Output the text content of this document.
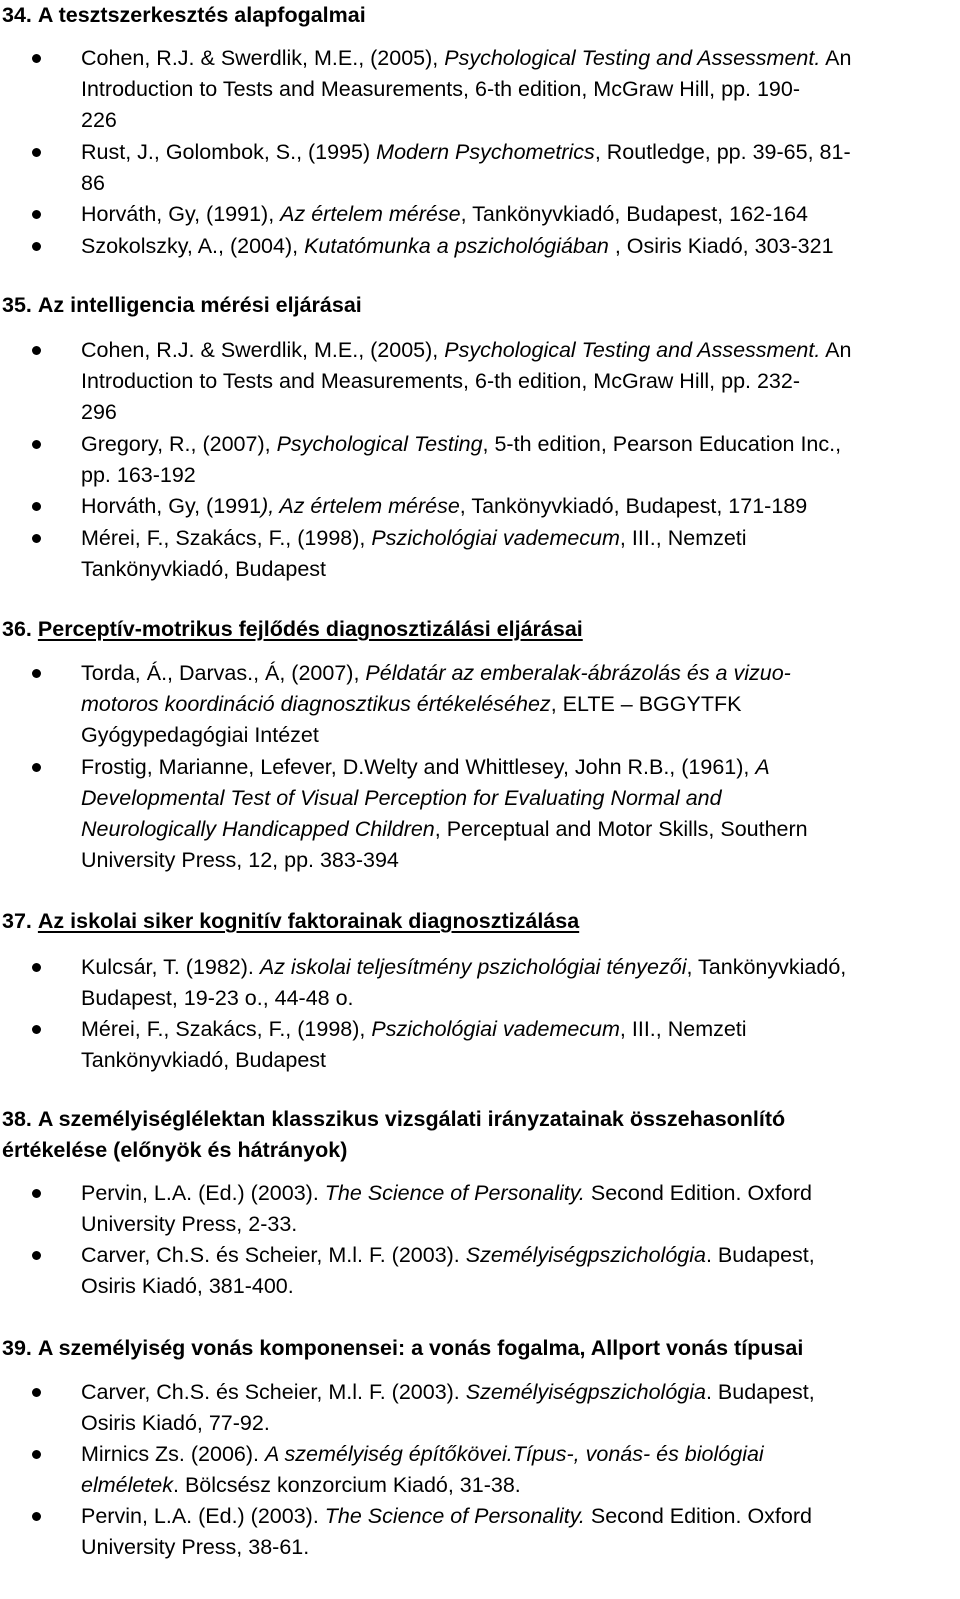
34. A tesztszerkesztés alapfogalmai
Cohen, R.J. & Swerdlik, M.E., (2005), Psychological Testing and Assessment. An
Introduction to Tests and Measurements, 6-th edition, McGraw Hill, pp. 190-
226
Rust, J., Golombok, S., (1995) Modern Psychometrics, Routledge, pp. 39-65, 81-
86
Horváth, Gy, (1991), Az értelem mérése, Tankönyvkiadó, Budapest, 162-164
Szokolszky, A., (2004), Kutatómunka a pszichológiában , Osiris Kiadó, 303-321
35. Az intelligencia mérési eljárásai
Cohen, R.J. & Swerdlik, M.E., (2005), Psychological Testing and Assessment. An
Introduction to Tests and Measurements, 6-th edition, McGraw Hill, pp. 232-
296
Gregory, R., (2007), Psychological Testing, 5-th edition, Pearson Education Inc.,
pp. 163-192
Horváth, Gy, (1991), Az értelem mérése, Tankönyvkiadó, Budapest, 171-189
Mérei, F., Szakács, F., (1998), Pszichológiai vademecum, III., Nemzeti
Tankönyvkiadó, Budapest
36. Perceptív-motrikus fejlődés diagnosztizálási eljárásai
Torda, Á., Darvas., Á, (2007), Példatár az emberalak-ábrázolás és a vizuo-
motoros koordináció diagnosztikus értékeléséhez, ELTE – BGGYTFK
Gyógypedagógiai Intézet
Frostig, Marianne, Lefever, D.Welty and Whittlesey, John R.B., (1961), A
Developmental Test of Visual Perception for Evaluating Normal and
Neurologically Handicapped Children, Perceptual and Motor Skills, Southern
University Press, 12, pp. 383-394
37. Az iskolai siker kognitív faktorainak diagnosztizálása
Kulcsár, T. (1982). Az iskolai teljesítmény pszichológiai tényezői, Tankönyvkiadó,
Budapest, 19-23 o., 44-48 o.
Mérei, F., Szakács, F., (1998), Pszichológiai vademecum, III., Nemzeti
Tankönyvkiadó, Budapest
38. A személyiséglélektan klasszikus vizsgálati irányzatainak összehasonlító
értékelése (előnyök és hátrányok)
Pervin, L.A. (Ed.) (2003). The Science of Personality. Second Edition. Oxford
University Press, 2-33.
Carver, Ch.S. és Scheier, M.l. F. (2003). Személyiségpszichológia. Budapest,
Osiris Kiadó, 381-400.
39. A személyiség vonás komponensei: a vonás fogalma, Allport vonás típusai
Carver, Ch.S. és Scheier, M.l. F. (2003). Személyiségpszichológia. Budapest,
Osiris Kiadó, 77-92.
Mirnics Zs. (2006). A személyiség építőkövei.Típus-, vonás- és biológiai
elméletek. Bölcsész konzorcium Kiadó, 31-38.
Pervin, L.A. (Ed.) (2003). The Science of Personality. Second Edition. Oxford
University Press, 38-61.
